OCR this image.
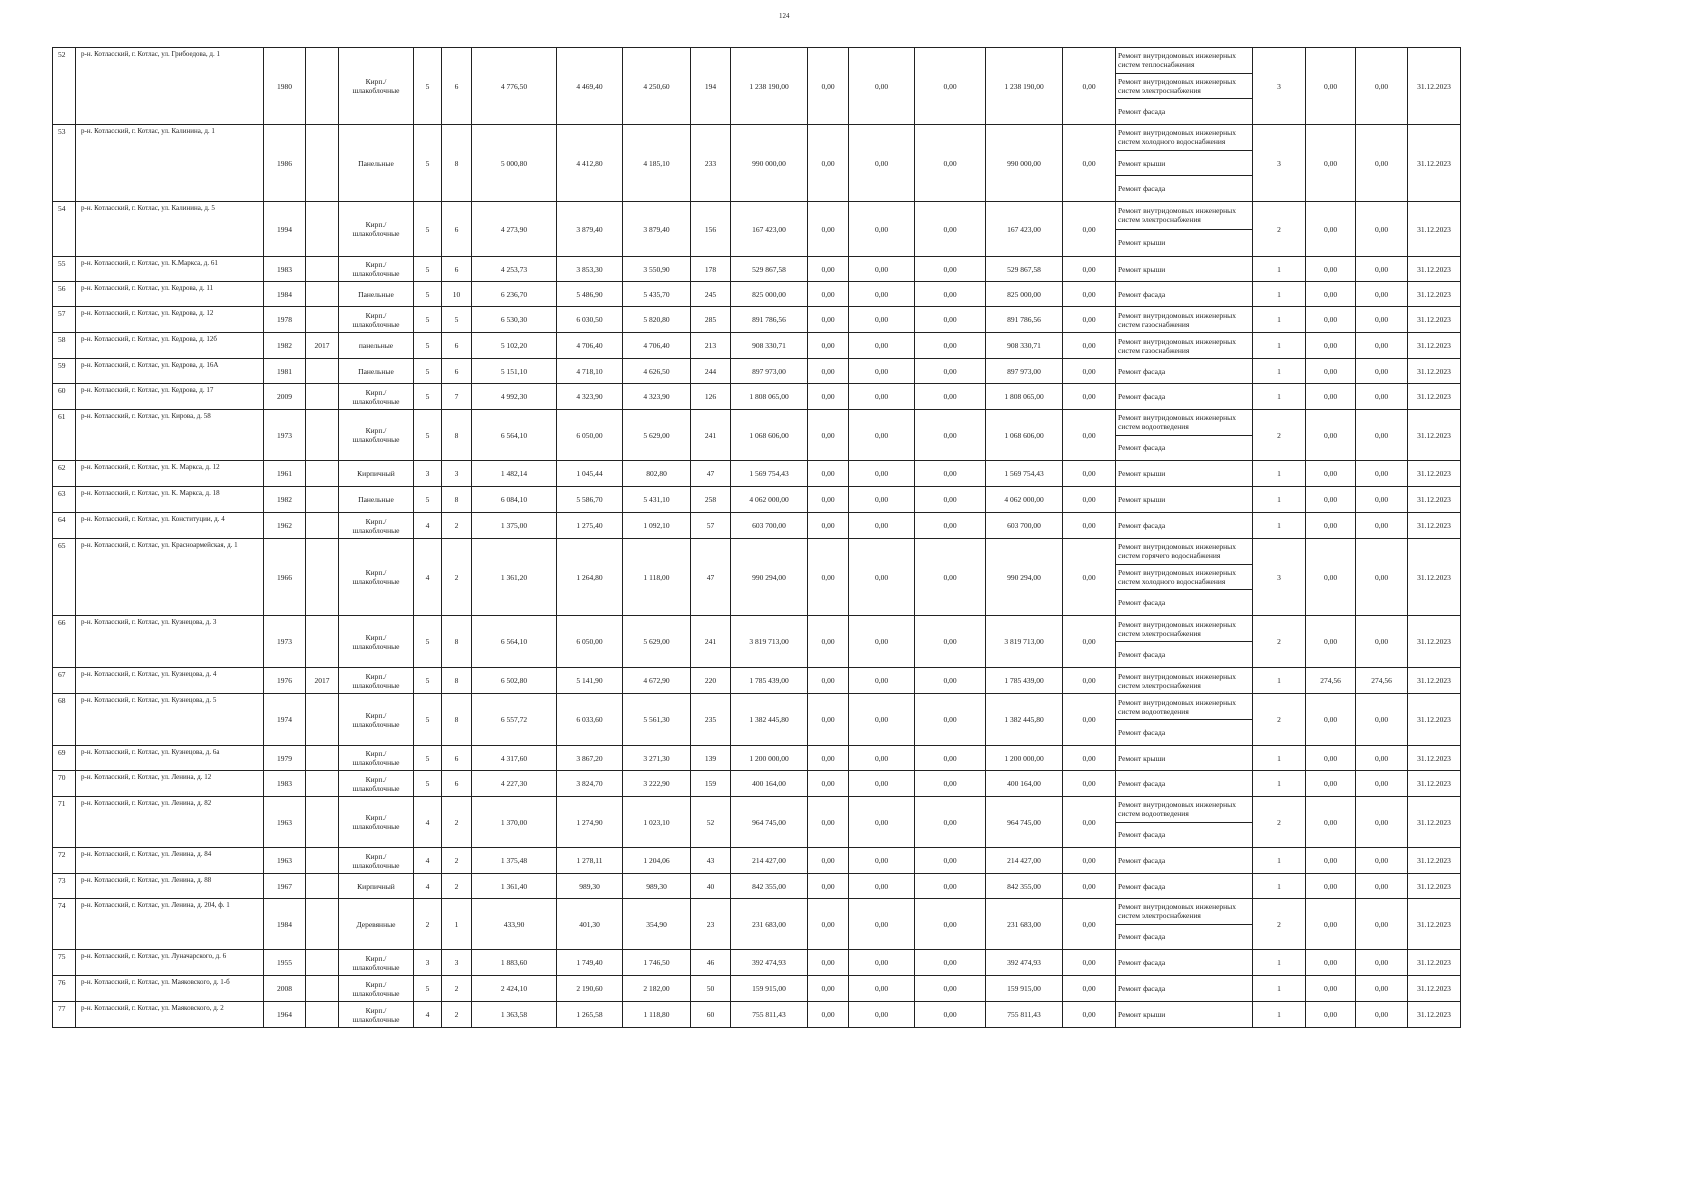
124
52	р-н. Котласский, г. Котлас, ул. Грибоедова, д. 1	1980		Кирп./шлакоблочные	5	6	4 776,50	4 469,40	4 250,60	194	1 238 190,00	0,00	0,00	0,00	1 238 190,00	0,00	Ремонт внутридомовых инженерных систем теплоснабжения
Ремонт внутридомовых инженерных систем электроснабжения
Ремонт фасада	3	0,00	0,00	31.12.2023
53	р-н. Котласский, г. Котлас, ул. Калинина, д. 1	1986		Панельные	5	8	5 000,80	4 412,80	4 185,10	233	990 000,00	0,00	0,00	0,00	990 000,00	0,00	Ремонт внутридомовых инженерных систем холодного водоснабжения
Ремонт крыши
Ремонт фасада	3	0,00	0,00	31.12.2023
54	р-н. Котласский, г. Котлас, ул. Калинина, д. 5	1994		Кирп./шлакоблочные	5	6	4 273,90	3 879,40	3 879,40	156	167 423,00	0,00	0,00	0,00	167 423,00	0,00	Ремонт внутридомовых инженерных систем электроснабжения
Ремонт крыши	2	0,00	0,00	31.12.2023
55	р-н. Котласский, г. Котлас, ул. К.Маркса, д. 61	1983		Кирп./шлакоблочные	5	6	4 253,73	3 853,30	3 550,90	178	529 867,58	0,00	0,00	0,00	529 867,58	0,00	Ремонт крыши	1	0,00	0,00	31.12.2023
56	р-н. Котласский, г. Котлас, ул. Кедрова, д. 11	1984		Панельные	5	10	6 236,70	5 486,90	5 435,70	245	825 000,00	0,00	0,00	0,00	825 000,00	0,00	Ремонт фасада	1	0,00	0,00	31.12.2023
57	р-н. Котласский, г. Котлас, ул. Кедрова, д. 12	1978		Кирп./шлакоблочные	5	5	6 530,30	6 030,50	5 820,80	285	891 786,56	0,00	0,00	0,00	891 786,56	0,00	Ремонт внутридомовых инженерных систем газоснабжения	1	0,00	0,00	31.12.2023
58	р-н. Котласский, г. Котлас, ул. Кедрова, д. 12б	1982	2017	панельные	5	6	5 102,20	4 706,40	4 706,40	213	908 330,71	0,00	0,00	0,00	908 330,71	0,00	Ремонт внутридомовых инженерных систем газоснабжения	1	0,00	0,00	31.12.2023
59	р-н. Котласский, г. Котлас, ул. Кедрова, д. 16А	1981		Панельные	5	6	5 151,10	4 718,10	4 626,50	244	897 973,00	0,00	0,00	0,00	897 973,00	0,00	Ремонт фасада	1	0,00	0,00	31.12.2023
60	р-н. Котласский, г. Котлас, ул. Кедрова, д. 17	2009		Кирп./шлакоблочные	5	7	4 992,30	4 323,90	4 323,90	126	1 808 065,00	0,00	0,00	0,00	1 808 065,00	0,00	Ремонт фасада	1	0,00	0,00	31.12.2023
61	р-н. Котласский, г. Котлас, ул. Кирова, д. 58	1973		Кирп./шлакоблочные	5	8	6 564,10	6 050,00	5 629,00	241	1 068 606,00	0,00	0,00	0,00	1 068 606,00	0,00	Ремонт внутридомовых инженерных систем водоотведения
Ремонт фасада	2	0,00	0,00	31.12.2023
62	р-н. Котласский, г. Котлас, ул. К. Маркса, д. 12	1961		Кирпичный	3	3	1 482,14	1 045,44	802,80	47	1 569 754,43	0,00	0,00	0,00	1 569 754,43	0,00	Ремонт крыши	1	0,00	0,00	31.12.2023
63	р-н. Котласский, г. Котлас, ул. К. Маркса, д. 18	1982		Панельные	5	8	6 084,10	5 586,70	5 431,10	258	4 062 000,00	0,00	0,00	0,00	4 062 000,00	0,00	Ремонт крыши	1	0,00	0,00	31.12.2023
64	р-н. Котласский, г. Котлас, ул. Конституции, д. 4	1962		Кирп./шлакоблочные	4	2	1 375,00	1 275,40	1 092,10	57	603 700,00	0,00	0,00	0,00	603 700,00	0,00	Ремонт фасада	1	0,00	0,00	31.12.2023
65	р-н. Котласский, г. Котлас, ул. Красноармейская, д. 1	1966		Кирп./шлакоблочные	4	2	1 361,20	1 264,80	1 118,00	47	990 294,00	0,00	0,00	0,00	990 294,00	0,00	Ремонт внутридомовых инженерных систем горячего водоснабжения
Ремонт внутридомовых инженерных систем холодного водоснабжения
Ремонт фасада	3	0,00	0,00	31.12.2023
66	р-н. Котласский, г. Котлас, ул. Кузнецова, д. 3	1973		Кирп./шлакоблочные	5	8	6 564,10	6 050,00	5 629,00	241	3 819 713,00	0,00	0,00	0,00	3 819 713,00	0,00	Ремонт внутридомовых инженерных систем электроснабжения
Ремонт фасада	2	0,00	0,00	31.12.2023
67	р-н. Котласский, г. Котлас, ул. Кузнецова, д. 4	1976	2017	Кирп./шлакоблочные	5	8	6 502,80	5 141,90	4 672,90	220	1 785 439,00	0,00	0,00	0,00	1 785 439,00	0,00	Ремонт внутридомовых инженерных систем электроснабжения	1	274,56	274,56	31.12.2023
68	р-н. Котласский, г. Котлас, ул. Кузнецова, д. 5	1974		Кирп./шлакоблочные	5	8	6 557,72	6 033,60	5 561,30	235	1 382 445,80	0,00	0,00	0,00	1 382 445,80	0,00	Ремонт внутридомовых инженерных систем водоотведения
Ремонт фасада	2	0,00	0,00	31.12.2023
69	р-н. Котласский, г. Котлас, ул. Кузнецова, д. 6а	1979		Кирп./шлакоблочные	5	6	4 317,60	3 867,20	3 271,30	139	1 200 000,00	0,00	0,00	0,00	1 200 000,00	0,00	Ремонт крыши	1	0,00	0,00	31.12.2023
70	р-н. Котласский, г. Котлас, ул. Ленина, д. 12	1983		Кирп./шлакоблочные	5	6	4 227,30	3 824,70	3 222,90	159	400 164,00	0,00	0,00	0,00	400 164,00	0,00	Ремонт фасада	1	0,00	0,00	31.12.2023
71	р-н. Котласский, г. Котлас, ул. Ленина, д. 82	1963		Кирп./шлакоблочные	4	2	1 370,00	1 274,90	1 023,10	52	964 745,00	0,00	0,00	0,00	964 745,00	0,00	Ремонт внутридомовых инженерных систем водоотведения
Ремонт фасада	2	0,00	0,00	31.12.2023
72	р-н. Котласский, г. Котлас, ул. Ленина, д. 84	1963		Кирп./шлакоблочные	4	2	1 375,48	1 278,11	1 204,06	43	214 427,00	0,00	0,00	0,00	214 427,00	0,00	Ремонт фасада	1	0,00	0,00	31.12.2023
73	р-н. Котласский, г. Котлас, ул. Ленина, д. 88	1967		Кирпичный	4	2	1 361,40	989,30	989,30	40	842 355,00	0,00	0,00	0,00	842 355,00	0,00	Ремонт фасада	1	0,00	0,00	31.12.2023
74	р-н. Котласский, г. Котлас, ул. Ленина, д. 204, ф. 1	1984		Деревянные	2	1	433,90	401,30	354,90	23	231 683,00	0,00	0,00	0,00	231 683,00	0,00	Ремонт внутридомовых инженерных систем электроснабжения
Ремонт фасада	2	0,00	0,00	31.12.2023
75	р-н. Котласский, г. Котлас, ул. Луначарского, д. 6	1955		Кирп./шлакоблочные	3	3	1 883,60	1 749,40	1 746,50	46	392 474,93	0,00	0,00	0,00	392 474,93	0,00	Ремонт фасада	1	0,00	0,00	31.12.2023
76	р-н. Котласский, г. Котлас, ул. Маяковского, д. 1-б	2008		Кирп./шлакоблочные	5	2	2 424,10	2 190,60	2 182,00	50	159 915,00	0,00	0,00	0,00	159 915,00	0,00	Ремонт фасада	1	0,00	0,00	31.12.2023
77	р-н. Котласский, г. Котлас, ул. Маяковского, д. 2	1964		Кирп./шлакоблочные	4	2	1 363,58	1 265,58	1 118,80	60	755 811,43	0,00	0,00	0,00	755 811,43	0,00	Ремонт крыши	1	0,00	0,00	31.12.2023
